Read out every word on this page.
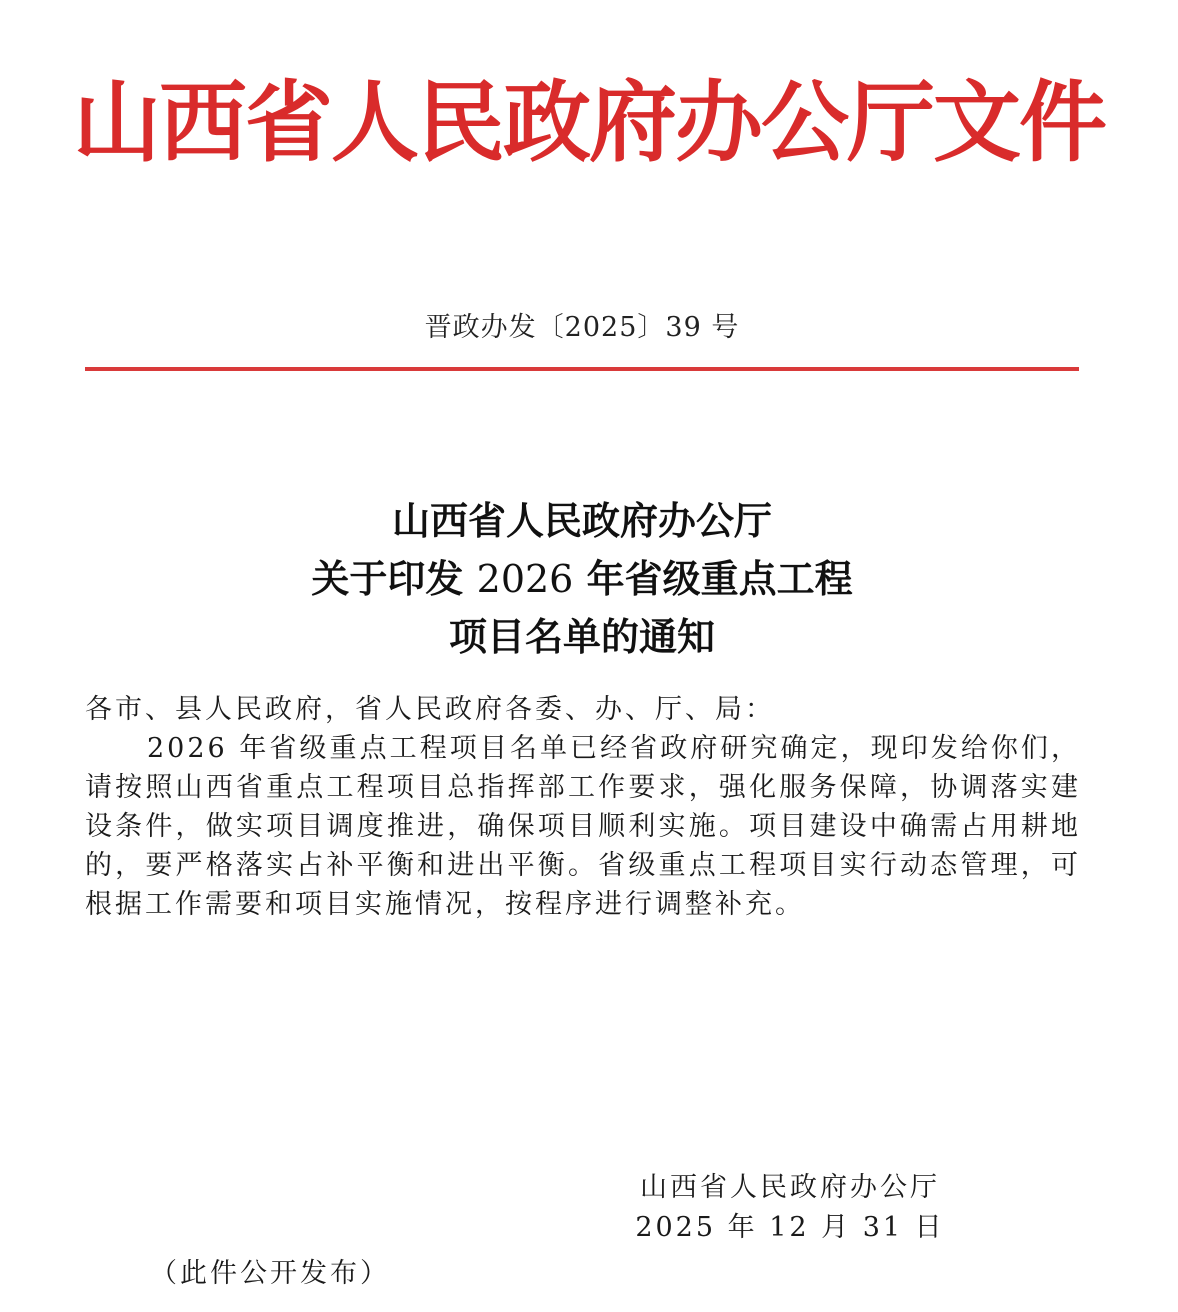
山西省人民政府办公厅文件
晋政办发〔2025〕39 号
山西省人民政府办公厅
关于印发 2026 年省级重点工程
项目名单的通知
各市、县人民政府，省人民政府各委、办、厅、局：
2026 年省级重点工程项目名单已经省政府研究确定，现印发给你们，请按照山西省重点工程项目总指挥部工作要求，强化服务保障，协调落实建设条件，做实项目调度推进，确保项目顺利实施。项目建设中确需占用耕地的，要严格落实占补平衡和进出平衡。省级重点工程项目实行动态管理，可根据工作需要和项目实施情况，按程序进行调整补充。
山西省人民政府办公厅
2025 年 12 月 31 日
（此件公开发布）
